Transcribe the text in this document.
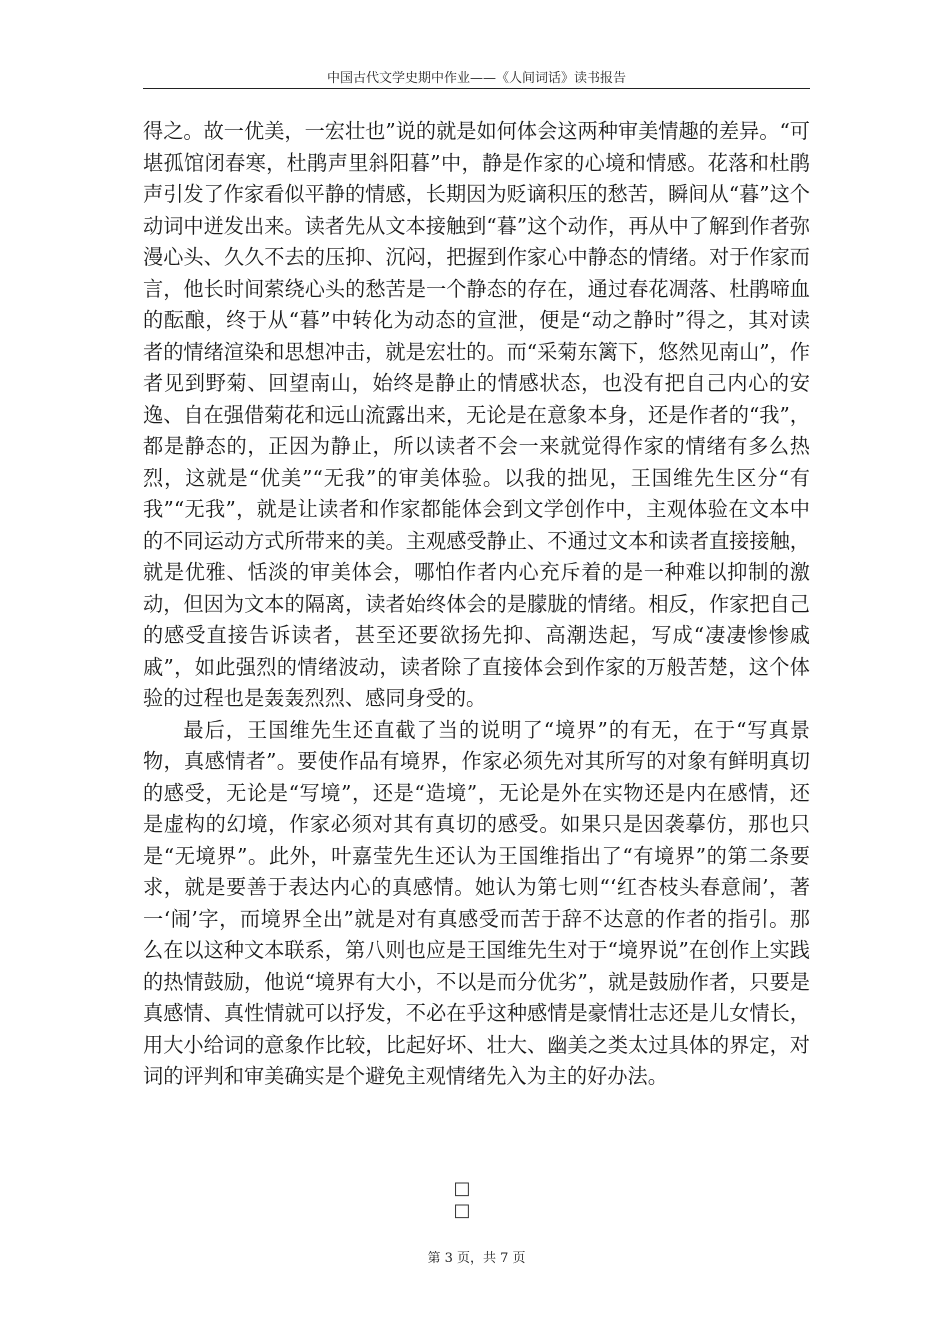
中国古代文学史期中作业——《人间词话》读书报告

得之。故一优美，一宏壮也”说的就是如何体会这两种审美情趣的差异。“可堪孤馆闭春寒，杜鹃声里斜阳暮”中，静是作家的心境和情感。花落和杜鹃声引发了作家看似平静的情感，长期因为贬谪积压的愁苦，瞬间从“暮”这个动词中迸发出来。读者先从文本接触到“暮”这个动作，再从中了解到作者弥漫心头、久久不去的压抑、沉闷，把握到作家心中静态的情绪。对于作家而言，他长时间萦绕心头的愁苦是一个静态的存在，通过春花凋落、杜鹃啼血的酝酿，终于从“暮”中转化为动态的宣泄，便是“动之静时”得之，其对读者的情绪渲染和思想冲击，就是宏壮的。而“采菊东篱下，悠然见南山”，作者见到野菊、回望南山，始终是静止的情感状态，也没有把自己内心的安逸、自在强借菊花和远山流露出来，无论是在意象本身，还是作者的“我”，都是静态的，正因为静止，所以读者不会一来就觉得作家的情绪有多么热烈，这就是“优美”“无我”的审美体验。以我的拙见，王国维先生区分“有我”“无我”，就是让读者和作家都能体会到文学创作中，主观体验在文本中的不同运动方式所带来的美。主观感受静止、不通过文本和读者直接接触，就是优雅、恬淡的审美体会，哪怕作者内心充斥着的是一种难以抑制的激动，但因为文本的隔离，读者始终体会的是朦胧的情绪。相反，作家把自己的感受直接告诉读者，甚至还要欲扬先抑、高潮迭起，写成“凄凄惨惨戚戚”，如此强烈的情绪波动，读者除了直接体会到作家的万般苦楚，这个体验的过程也是轰轰烈烈、感同身受的。

最后，王国维先生还直截了当的说明了“境界”的有无，在于“写真景物，真感情者”。要使作品有境界，作家必须先对其所写的对象有鲜明真切的感受，无论是“写境”，还是“造境”，无论是外在实物还是内在感情，还是虚构的幻境，作家必须对其有真切的感受。如果只是因袭摹仿，那也只是“无境界”。此外，叶嘉莹先生还认为王国维指出了“有境界”的第二条要求，就是要善于表达内心的真感情。她认为第七则“‘红杏枝头春意闹’，著一‘闹’字，而境界全出”就是对有真感受而苦于辞不达意的作者的指引。那么在以这种文本联系，第八则也应是王国维先生对于“境界说”在创作上实践的热情鼓励，他说“境界有大小，不以是而分优劣”，就是鼓励作者，只要是真感情、真性情就可以抒发，不必在乎这种感情是豪情壮志还是儿女情长，用大小给词的意象作比较，比起好坏、壮大、幽美之类太过具体的界定，对词的评判和审美确实是个避免主观情绪先入为主的好办法。

□ □
第 3 页，共 7 页
